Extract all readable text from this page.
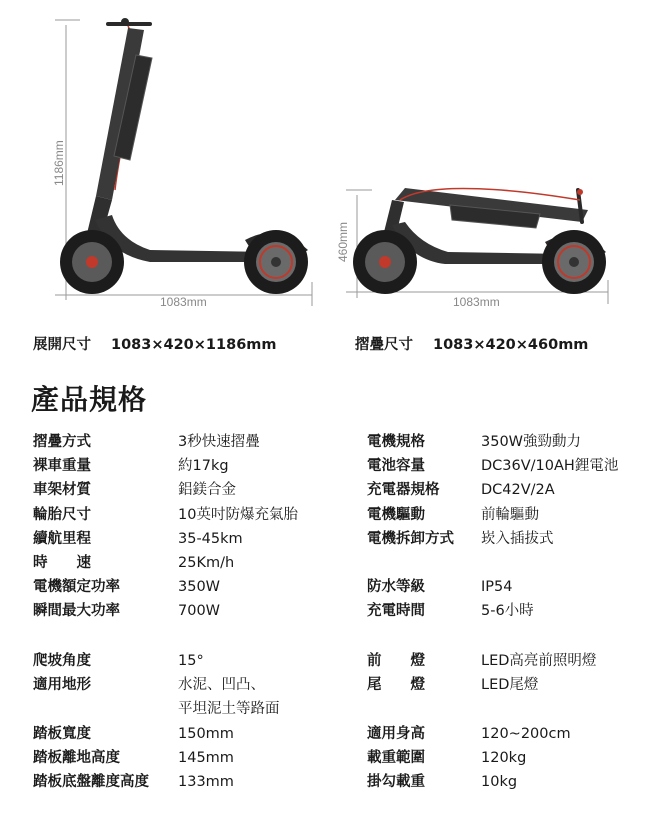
1186mm
460mm
1083mm	1083mm
展開尺寸 1083×420×1186mm	摺疊尺寸 1083×420×460mm
產品規格
摺疊方式	3秒快速摺疊
裸車重量	約17kg
車架材質	鋁鎂合金
輪胎尺寸	10英吋防爆充氣胎
續航里程	35-45km
時　　速	25Km/h
電機額定功率	350W
瞬間最大功率	700W
爬坡角度	15°
適用地形	水泥、凹凸、
平坦泥土等路面
踏板寬度	150mm
踏板離地高度	145mm
踏板底盤離度高度 133mm
電機規格	350W強勁動力
電池容量	DC36V/10AH鋰電池
充電器規格	DC42V/2A
電機驅動	前輪驅動
電機拆卸方式 崁入插拔式
防水等級	IP54
充電時間	5-6小時
前　　燈	LED高亮前照明燈
尾　　燈	LED尾燈
適用身高	120~200cm
載重範圍	120kg
掛勾載重	10kg
